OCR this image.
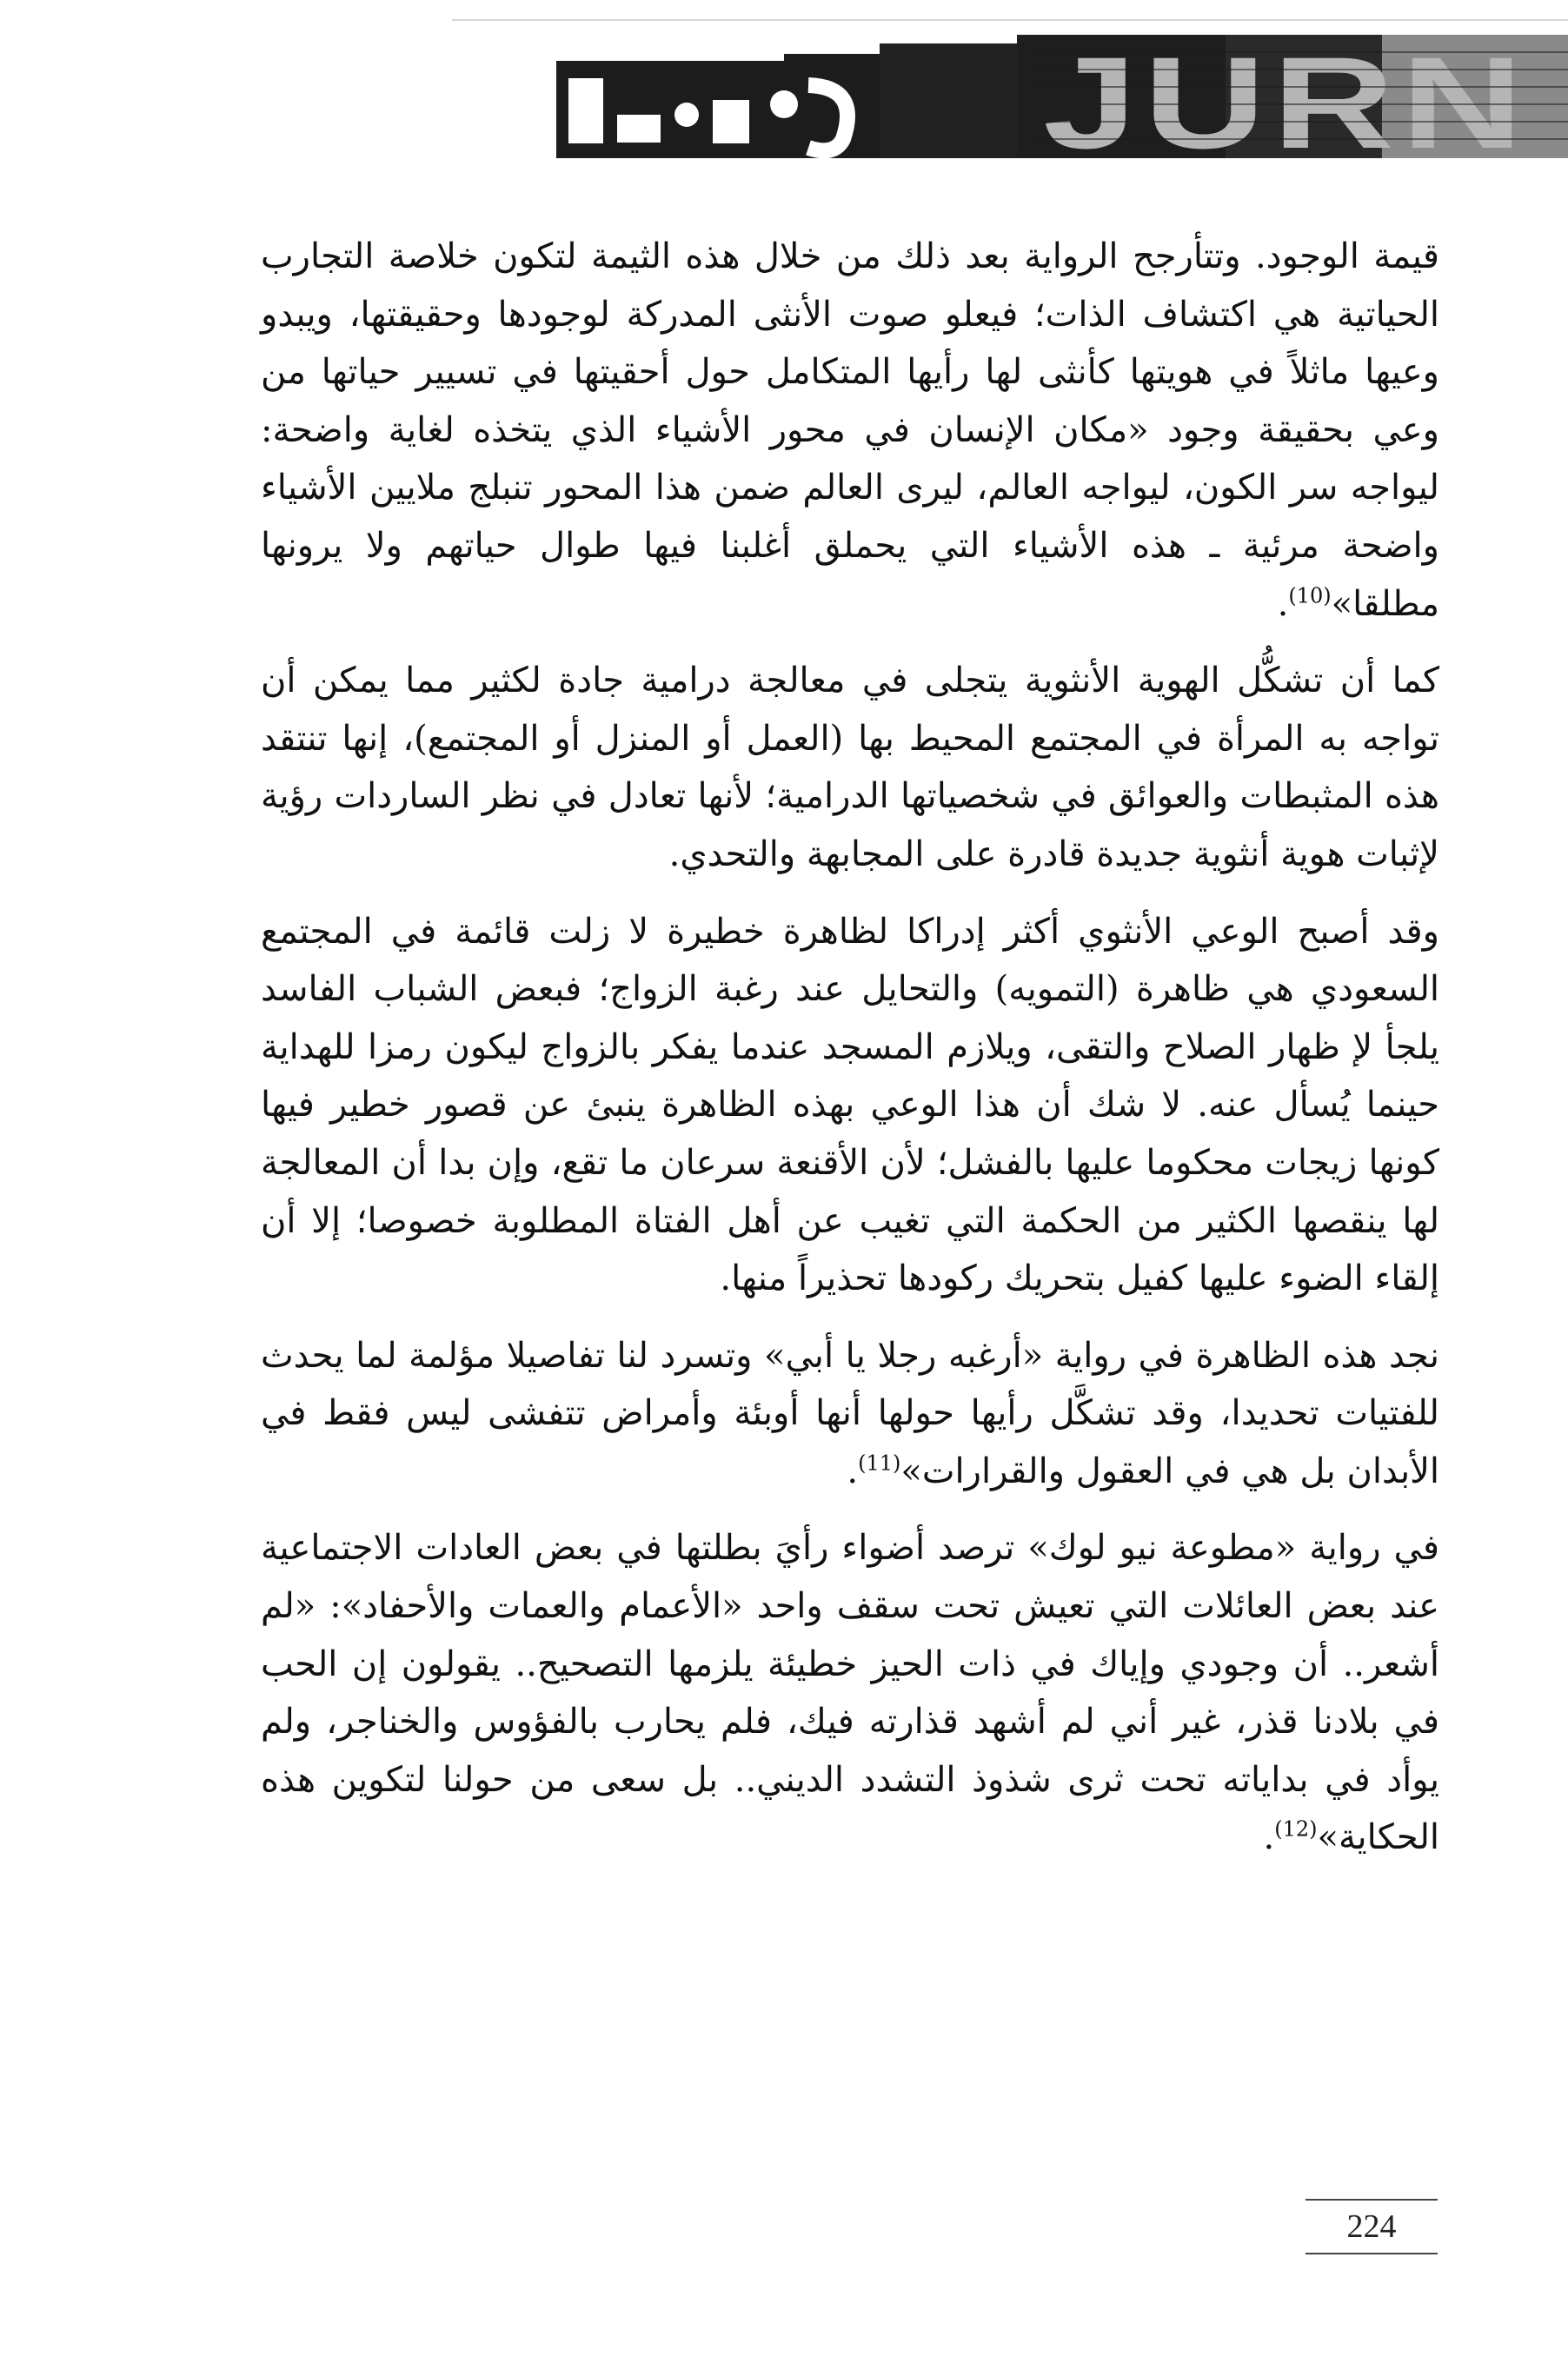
JURN

قيمة الوجود. وتتأرجح الرواية بعد ذلك من خلال هذه الثيمة لتكون خلاصة التجارب الحياتية هي اكتشاف الذات؛ فيعلو صوت الأنثى المدركة لوجودها وحقيقتها، ويبدو وعيها ماثلاً في هويتها كأنثى لها رأيها المتكامل حول أحقيتها في تسيير حياتها من وعي بحقيقة وجود «مكان الإنسان في محور الأشياء الذي يتخذه لغاية واضحة: ليواجه سر الكون، ليواجه العالم، ليرى العالم ضمن هذا المحور تنبلج ملايين الأشياء واضحة مرئية ـ هذه الأشياء التي يحملق أغلبنا فيها طوال حياتهم ولا يرونها مطلقا»$^{(10)}$.

كما أن تشكُّل الهوية الأنثوية يتجلى في معالجة درامية جادة لكثير مما يمكن أن تواجه به المرأة في المجتمع المحيط بها (العمل أو المنزل أو المجتمع)، إنها تنتقد هذه المثبطات والعوائق في شخصياتها الدرامية؛ لأنها تعادل في نظر الساردات رؤية لإثبات هوية أنثوية جديدة قادرة على المجابهة والتحدي.

وقد أصبح الوعي الأنثوي أكثر إدراكا لظاهرة خطيرة لا زلت قائمة في المجتمع السعودي هي ظاهرة (التمويه) والتحايل عند رغبة الزواج؛ فبعض الشباب الفاسد يلجأ لإ ظهار الصلاح والتقى، ويلازم المسجد عندما يفكر بالزواج ليكون رمزا للهداية حينما يُسأل عنه. لا شك أن هذا الوعي بهذه الظاهرة ينبئ عن قصور خطير فيها كونها زيجات محكوما عليها بالفشل؛ لأن الأقنعة سرعان ما تقع، وإن بدا أن المعالجة لها ينقصها الكثير من الحكمة التي تغيب عن أهل الفتاة المطلوبة خصوصا؛ إلا أن إلقاء الضوء عليها كفيل بتحريك ركودها تحذيراً منها.

نجد هذه الظاهرة في رواية «أرغبه رجلا يا أبي» وتسرد لنا تفاصيلا مؤلمة لما يحدث للفتيات تحديدا، وقد تشكَّل رأيها حولها أنها أوبئة وأمراض تتفشى ليس فقط في الأبدان بل هي في العقول والقرارات»$^{(11)}$.

في رواية «مطوعة نيو لوك» ترصد أضواء رأيَ بطلتها في بعض العادات الاجتماعية عند بعض العائلات التي تعيش تحت سقف واحد «الأعمام والعمات والأحفاد»: «لم أشعر.. أن وجودي وإياك في ذات الحيز خطيئة يلزمها التصحيح.. يقولون إن الحب في بلادنا قذر، غير أني لم أشهد قذارته فيك، فلم يحارب بالفؤوس والخناجر، ولم يوأد في بداياته تحت ثرى شذوذ التشدد الديني.. بل سعى من حولنا لتكوين هذه الحكاية»$^{(12)}$.

224
